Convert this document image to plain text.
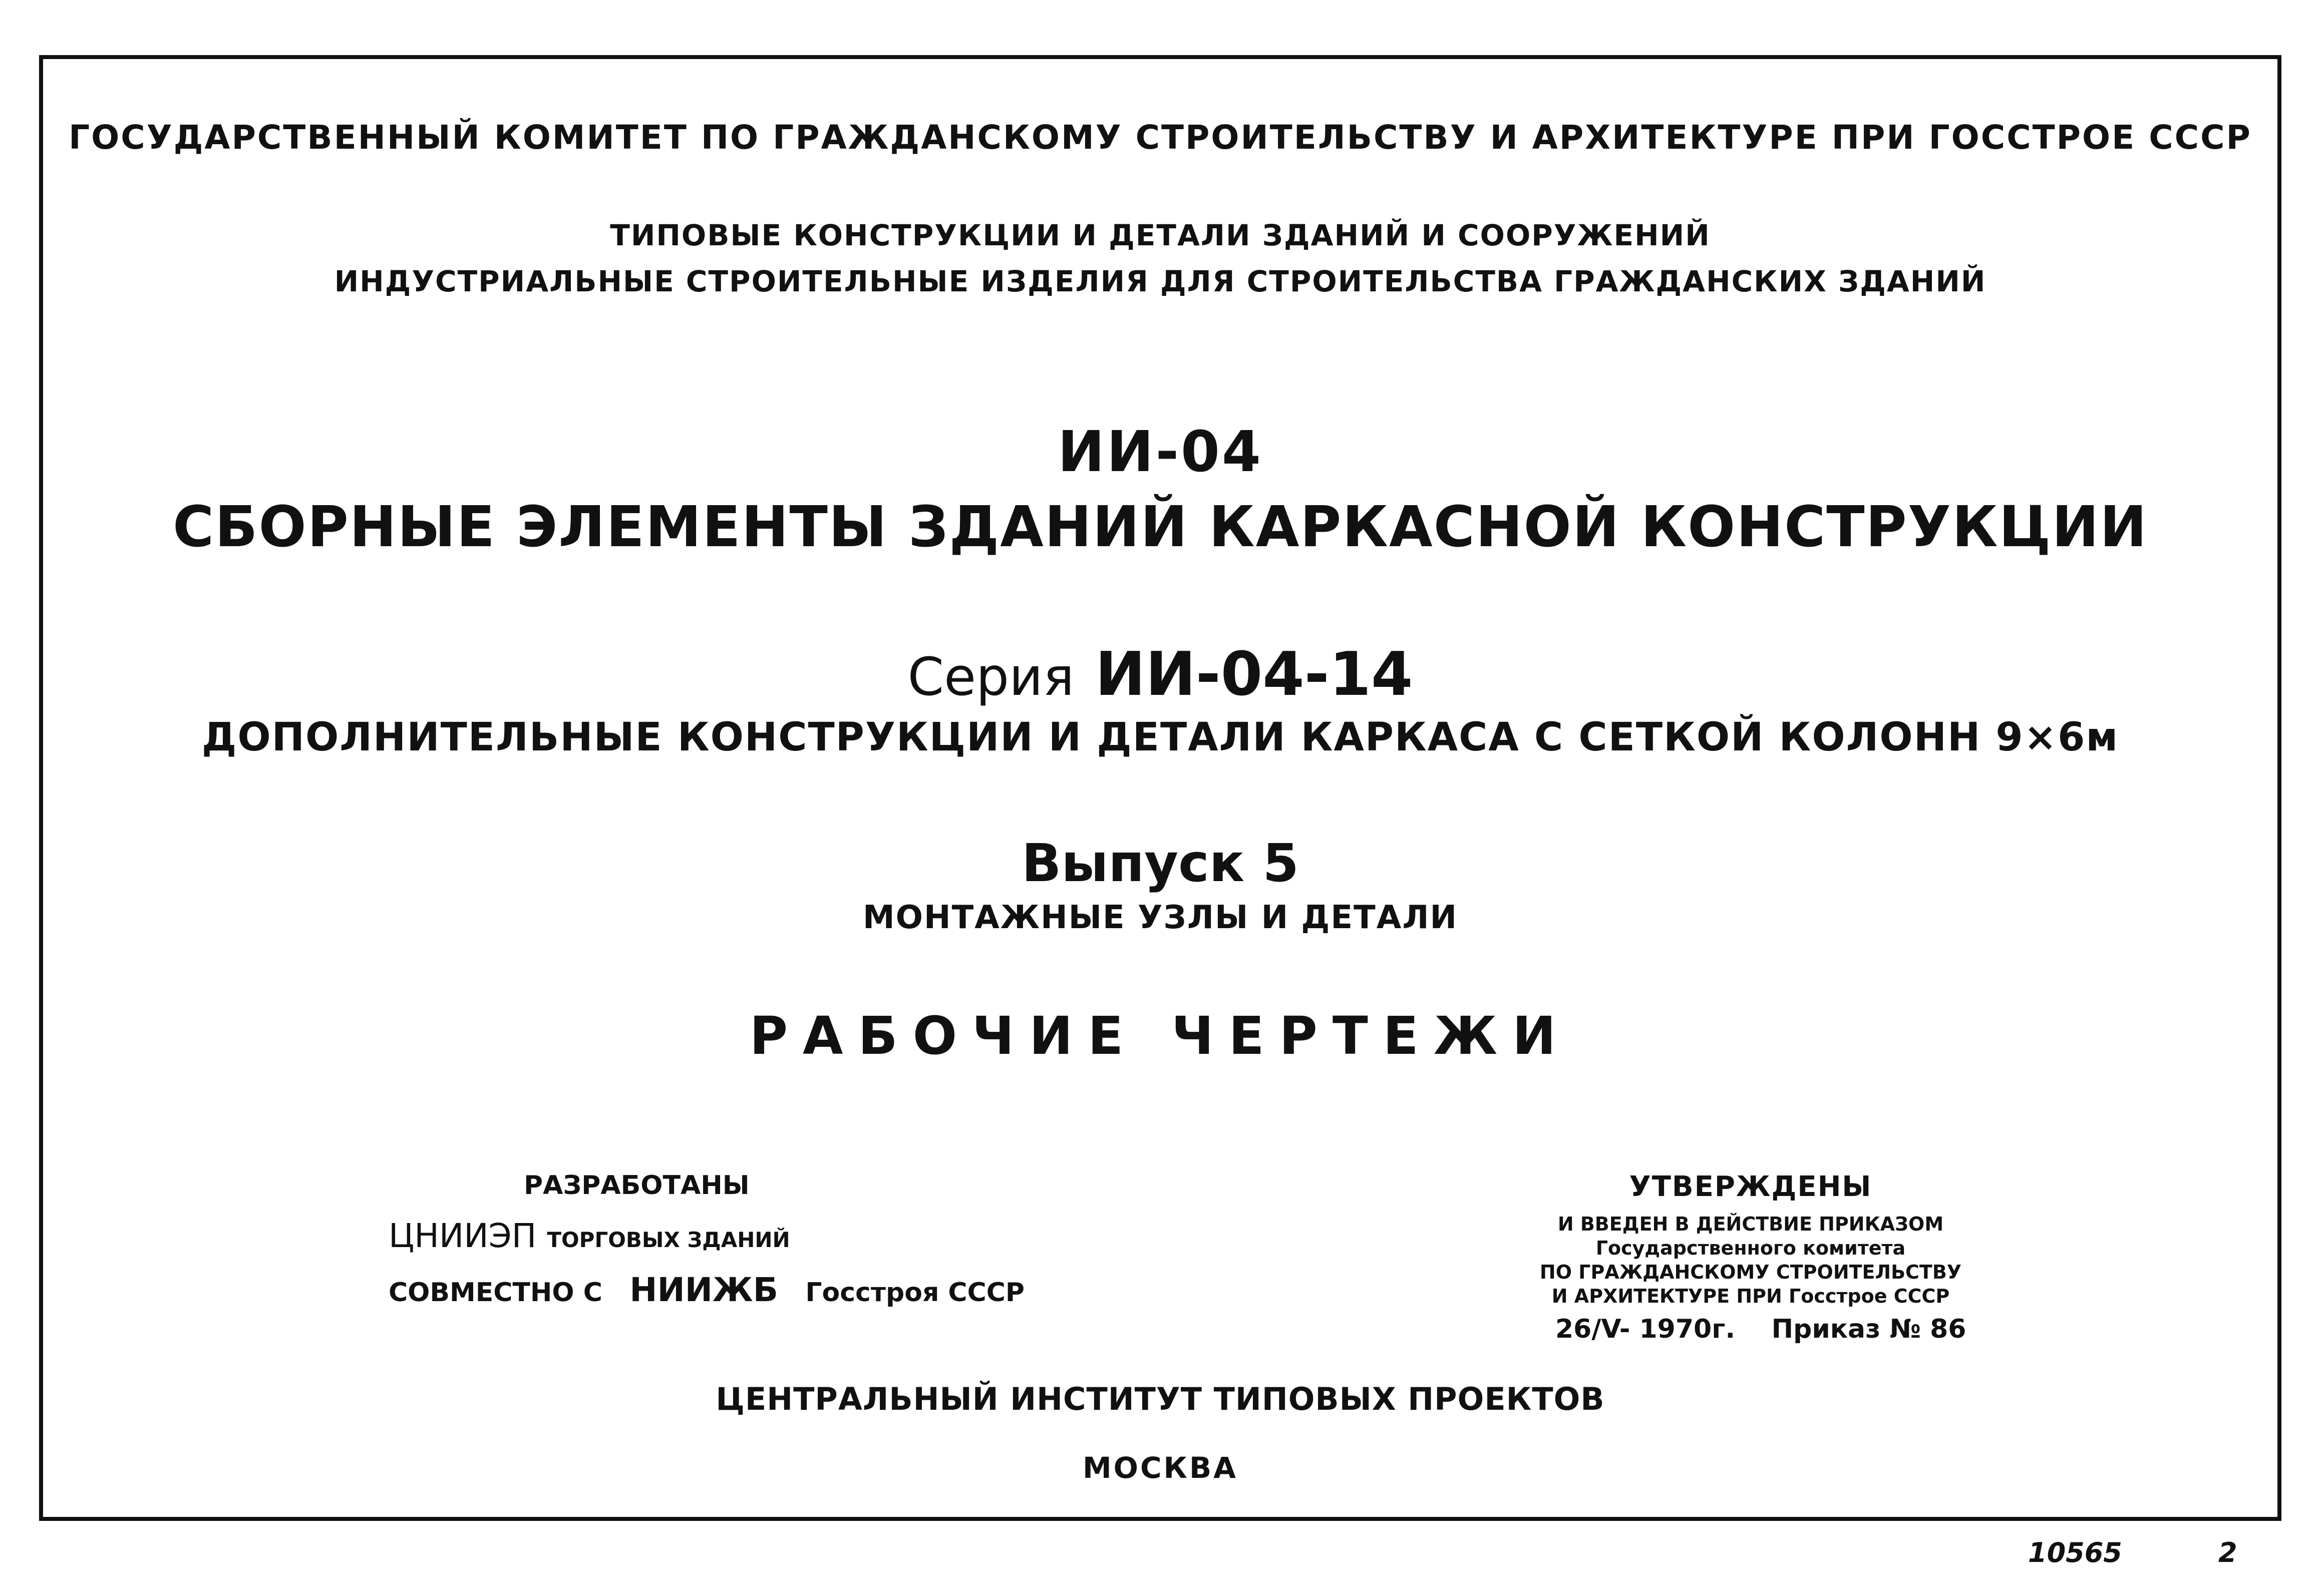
ГОСУДАРСТВЕННЫЙ КОМИТЕТ ПО ГРАЖДАНСКОМУ СТРОИТЕЛЬСТВУ И АРХИТЕКТУРЕ ПРИ ГОССТРОЕ СССР
ТИПОВЫЕ КОНСТРУКЦИИ И ДЕТАЛИ ЗДАНИЙ И СООРУЖЕНИЙ
ИНДУСТРИАЛЬНЫЕ СТРОИТЕЛЬНЫЕ ИЗДЕЛИЯ ДЛЯ СТРОИТЕЛЬСТВА ГРАЖДАНСКИХ ЗДАНИЙ
ИИ-04
СБОРНЫЕ ЭЛЕМЕНТЫ ЗДАНИЙ КАРКАСНОЙ КОНСТРУКЦИИ
Серия ИИ-04-14
ДОПОЛНИТЕЛЬНЫЕ КОНСТРУКЦИИ И ДЕТАЛИ КАРКАСА С СЕТКОЙ КОЛОНН 9×6м
Выпуск 5
МОНТАЖНЫЕ УЗЛЫ И ДЕТАЛИ
РАБОЧИЕ ЧЕРТЕЖИ
РАЗРАБОТАНЫ
ЦНИИЭП ТОРГОВЫХ ЗДАНИЙ
СОВМЕСТНО С НИИЖБ Госстроя СССР
УТВЕРЖДЕНЫ
И ВВЕДЕН В ДЕЙСТВИЕ ПРИКАЗОМ
Государственного комитета
ПО ГРАЖДАНСКОМУ СТРОИТЕЛЬСТВУ
И АРХИТЕКТУРЕ ПРИ Госстрое СССР
26/V- 1970г. Приказ № 86
ЦЕНТРАЛЬНЫЙ ИНСТИТУТ ТИПОВЫХ ПРОЕКТОВ
МОСКВА
10565	2
